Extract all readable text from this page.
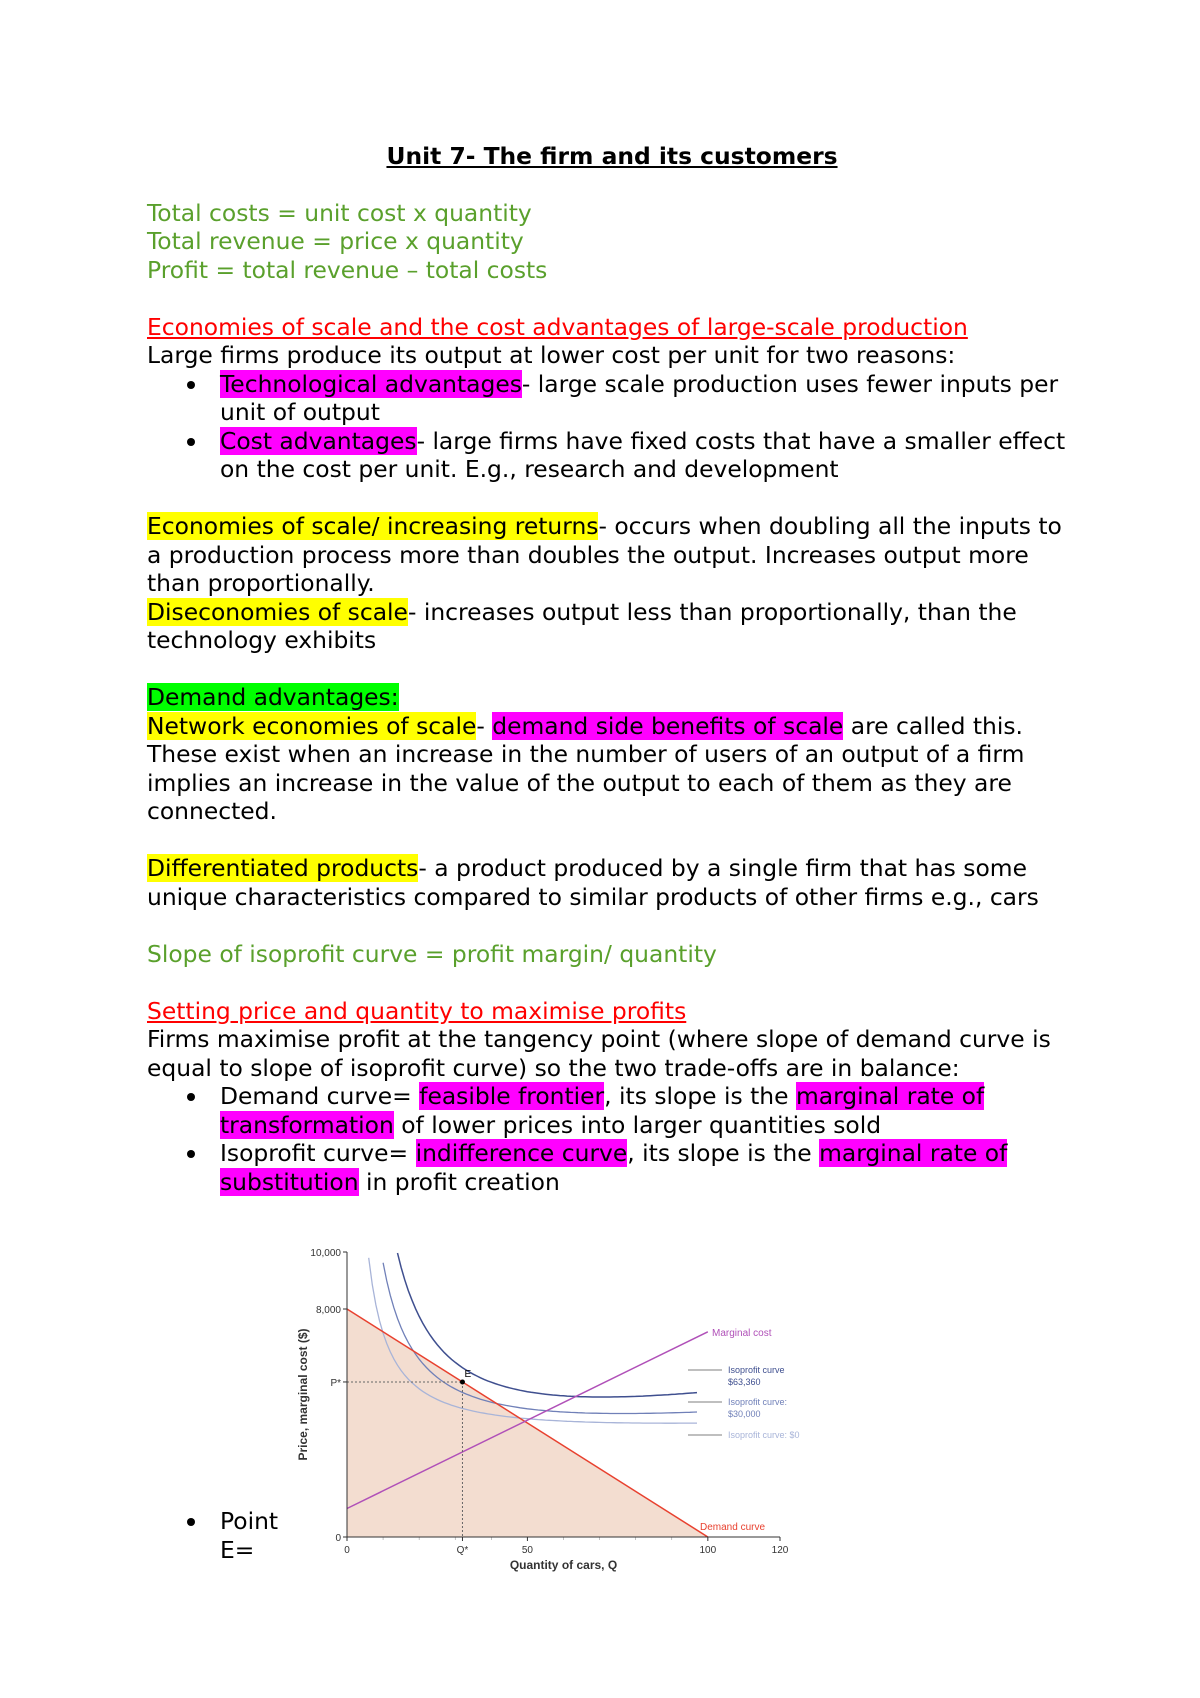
Unit 7- The firm and its customers

Total costs = unit cost x quantity

Total revenue = price x quantity

Profit = total revenue – total costs

Economies of scale and the cost advantages of large-scale production

Large firms produce its output at lower cost per unit for two reasons:

Technological advantages- large scale production uses fewer inputs per unit of output
Cost advantages- large firms have fixed costs that have a smaller effect on the cost per unit. E.g., research and development

Economies of scale/ increasing returns- occurs when doubling all the inputs to a production process more than doubles the output. Increases output more than proportionally.

Diseconomies of scale- increases output less than proportionally, than the technology exhibits

Demand advantages:

Network economies of scale- demand side benefits of scale are called this. These exist when an increase in the number of users of an output of a firm implies an increase in the value of the output to each of them as they are connected.

Differentiated products- a product produced by a single firm that has some unique characteristics compared to similar products of other firms e.g., cars

Slope of isoprofit curve = profit margin/ quantity

Setting price and quantity to maximise profits

Firms maximise profit at the tangency point (where slope of demand curve is equal to slope of isoprofit curve) so the two trade-offs are in balance:

Demand curve= feasible frontier, its slope is the marginal rate of transformation of lower prices into larger quantities sold
Isoprofit curve= indifference curve, its slope is the marginal rate of substitution in profit creation
Point E=	0	Q*	50	100	120
0
P*
8,000
10,000
E
Quantity of cars, Q
Price, marginal cost ($)	Marginal cost
Demand curve
Isoprofit curve
$63,360
Isoprofit curve:
$30,000
Isoprofit curve: $0
